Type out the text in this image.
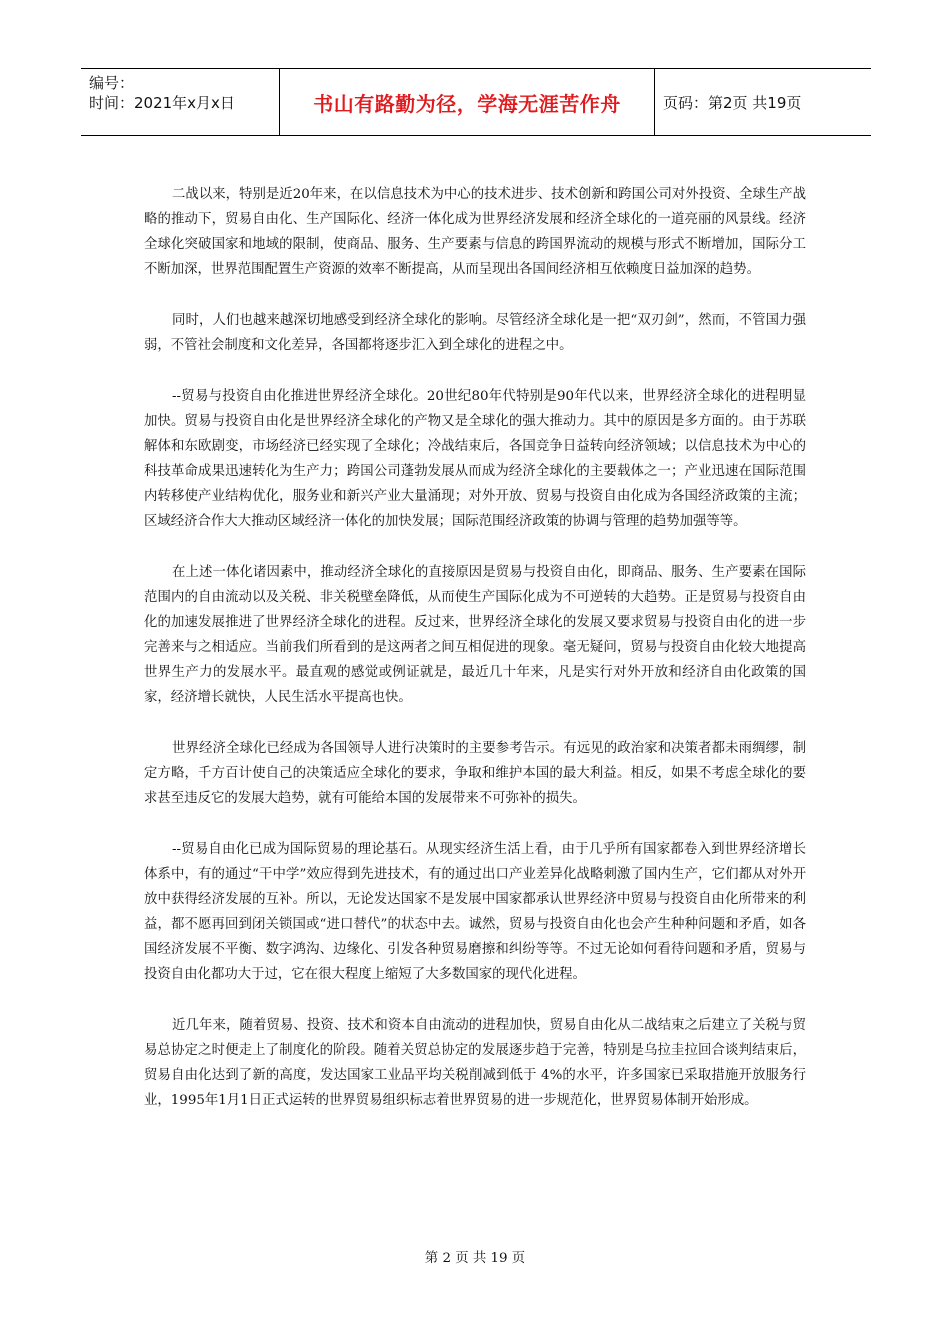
编号：
时间：2021年x月x日	书山有路勤为径，学海无涯苦作舟	页码：第2页 共19页

二战以来，特别是近20年来，在以信息技术为中心的技术进步、技术创新和跨国公司对外投资、全球生产战略的推动下，贸易自由化、生产国际化、经济一体化成为世界经济发展和经济全球化的一道亮丽的风景线。经济全球化突破国家和地域的限制，使商品、服务、生产要素与信息的跨国界流动的规模与形式不断增加，国际分工不断加深，世界范围配置生产资源的效率不断提高，从而呈现出各国间经济相互依赖度日益加深的趋势。

同时，人们也越来越深切地感受到经济全球化的影响。尽管经济全球化是一把“双刃剑”，然而，不管国力强弱，不管社会制度和文化差异，各国都将逐步汇入到全球化的进程之中。

--贸易与投资自由化推进世界经济全球化。20世纪80年代特别是90年代以来，世界经济全球化的进程明显加快。贸易与投资自由化是世界经济全球化的产物又是全球化的强大推动力。其中的原因是多方面的。由于苏联解体和东欧剧变，市场经济已经实现了全球化；冷战结束后，各国竞争日益转向经济领域；以信息技术为中心的科技革命成果迅速转化为生产力；跨国公司蓬勃发展从而成为经济全球化的主要载体之一；产业迅速在国际范围内转移使产业结构优化，服务业和新兴产业大量涌现；对外开放、贸易与投资自由化成为各国经济政策的主流；区域经济合作大大推动区域经济一体化的加快发展；国际范围经济政策的协调与管理的趋势加强等等。

在上述一体化诸因素中，推动经济全球化的直接原因是贸易与投资自由化，即商品、服务、生产要素在国际范围内的自由流动以及关税、非关税壁垒降低，从而使生产国际化成为不可逆转的大趋势。正是贸易与投资自由化的加速发展推进了世界经济全球化的进程。反过来，世界经济全球化的发展又要求贸易与投资自由化的进一步完善来与之相适应。当前我们所看到的是这两者之间互相促进的现象。毫无疑问，贸易与投资自由化较大地提高世界生产力的发展水平。最直观的感觉或例证就是，最近几十年来，凡是实行对外开放和经济自由化政策的国家，经济增长就快，人民生活水平提高也快。

世界经济全球化已经成为各国领导人进行决策时的主要参考告示。有远见的政治家和决策者都未雨绸缪，制定方略，千方百计使自己的决策适应全球化的要求，争取和维护本国的最大利益。相反，如果不考虑全球化的要求甚至违反它的发展大趋势，就有可能给本国的发展带来不可弥补的损失。

--贸易自由化已成为国际贸易的理论基石。从现实经济生活上看，由于几乎所有国家都卷入到世界经济增长体系中，有的通过“干中学”效应得到先进技术，有的通过出口产业差异化战略刺激了国内生产，它们都从对外开放中获得经济发展的互补。所以，无论发达国家不是发展中国家都承认世界经济中贸易与投资自由化所带来的利益，都不愿再回到闭关锁国或“进口替代”的状态中去。诚然，贸易与投资自由化也会产生种种问题和矛盾，如各国经济发展不平衡、数字鸿沟、边缘化、引发各种贸易磨擦和纠纷等等。不过无论如何看待问题和矛盾，贸易与投资自由化都功大于过，它在很大程度上缩短了大多数国家的现代化进程。

近几年来，随着贸易、投资、技术和资本自由流动的进程加快，贸易自由化从二战结束之后建立了关税与贸易总协定之时便走上了制度化的阶段。随着关贸总协定的发展逐步趋于完善，特别是乌拉圭拉回合谈判结束后，贸易自由化达到了新的高度，发达国家工业品平均关税削减到低于 4%的水平，许多国家已采取措施开放服务行业，1995年1月1日正式运转的世界贸易组织标志着世界贸易的进一步规范化，世界贸易体制开始形成。

第 2 页 共 19 页
